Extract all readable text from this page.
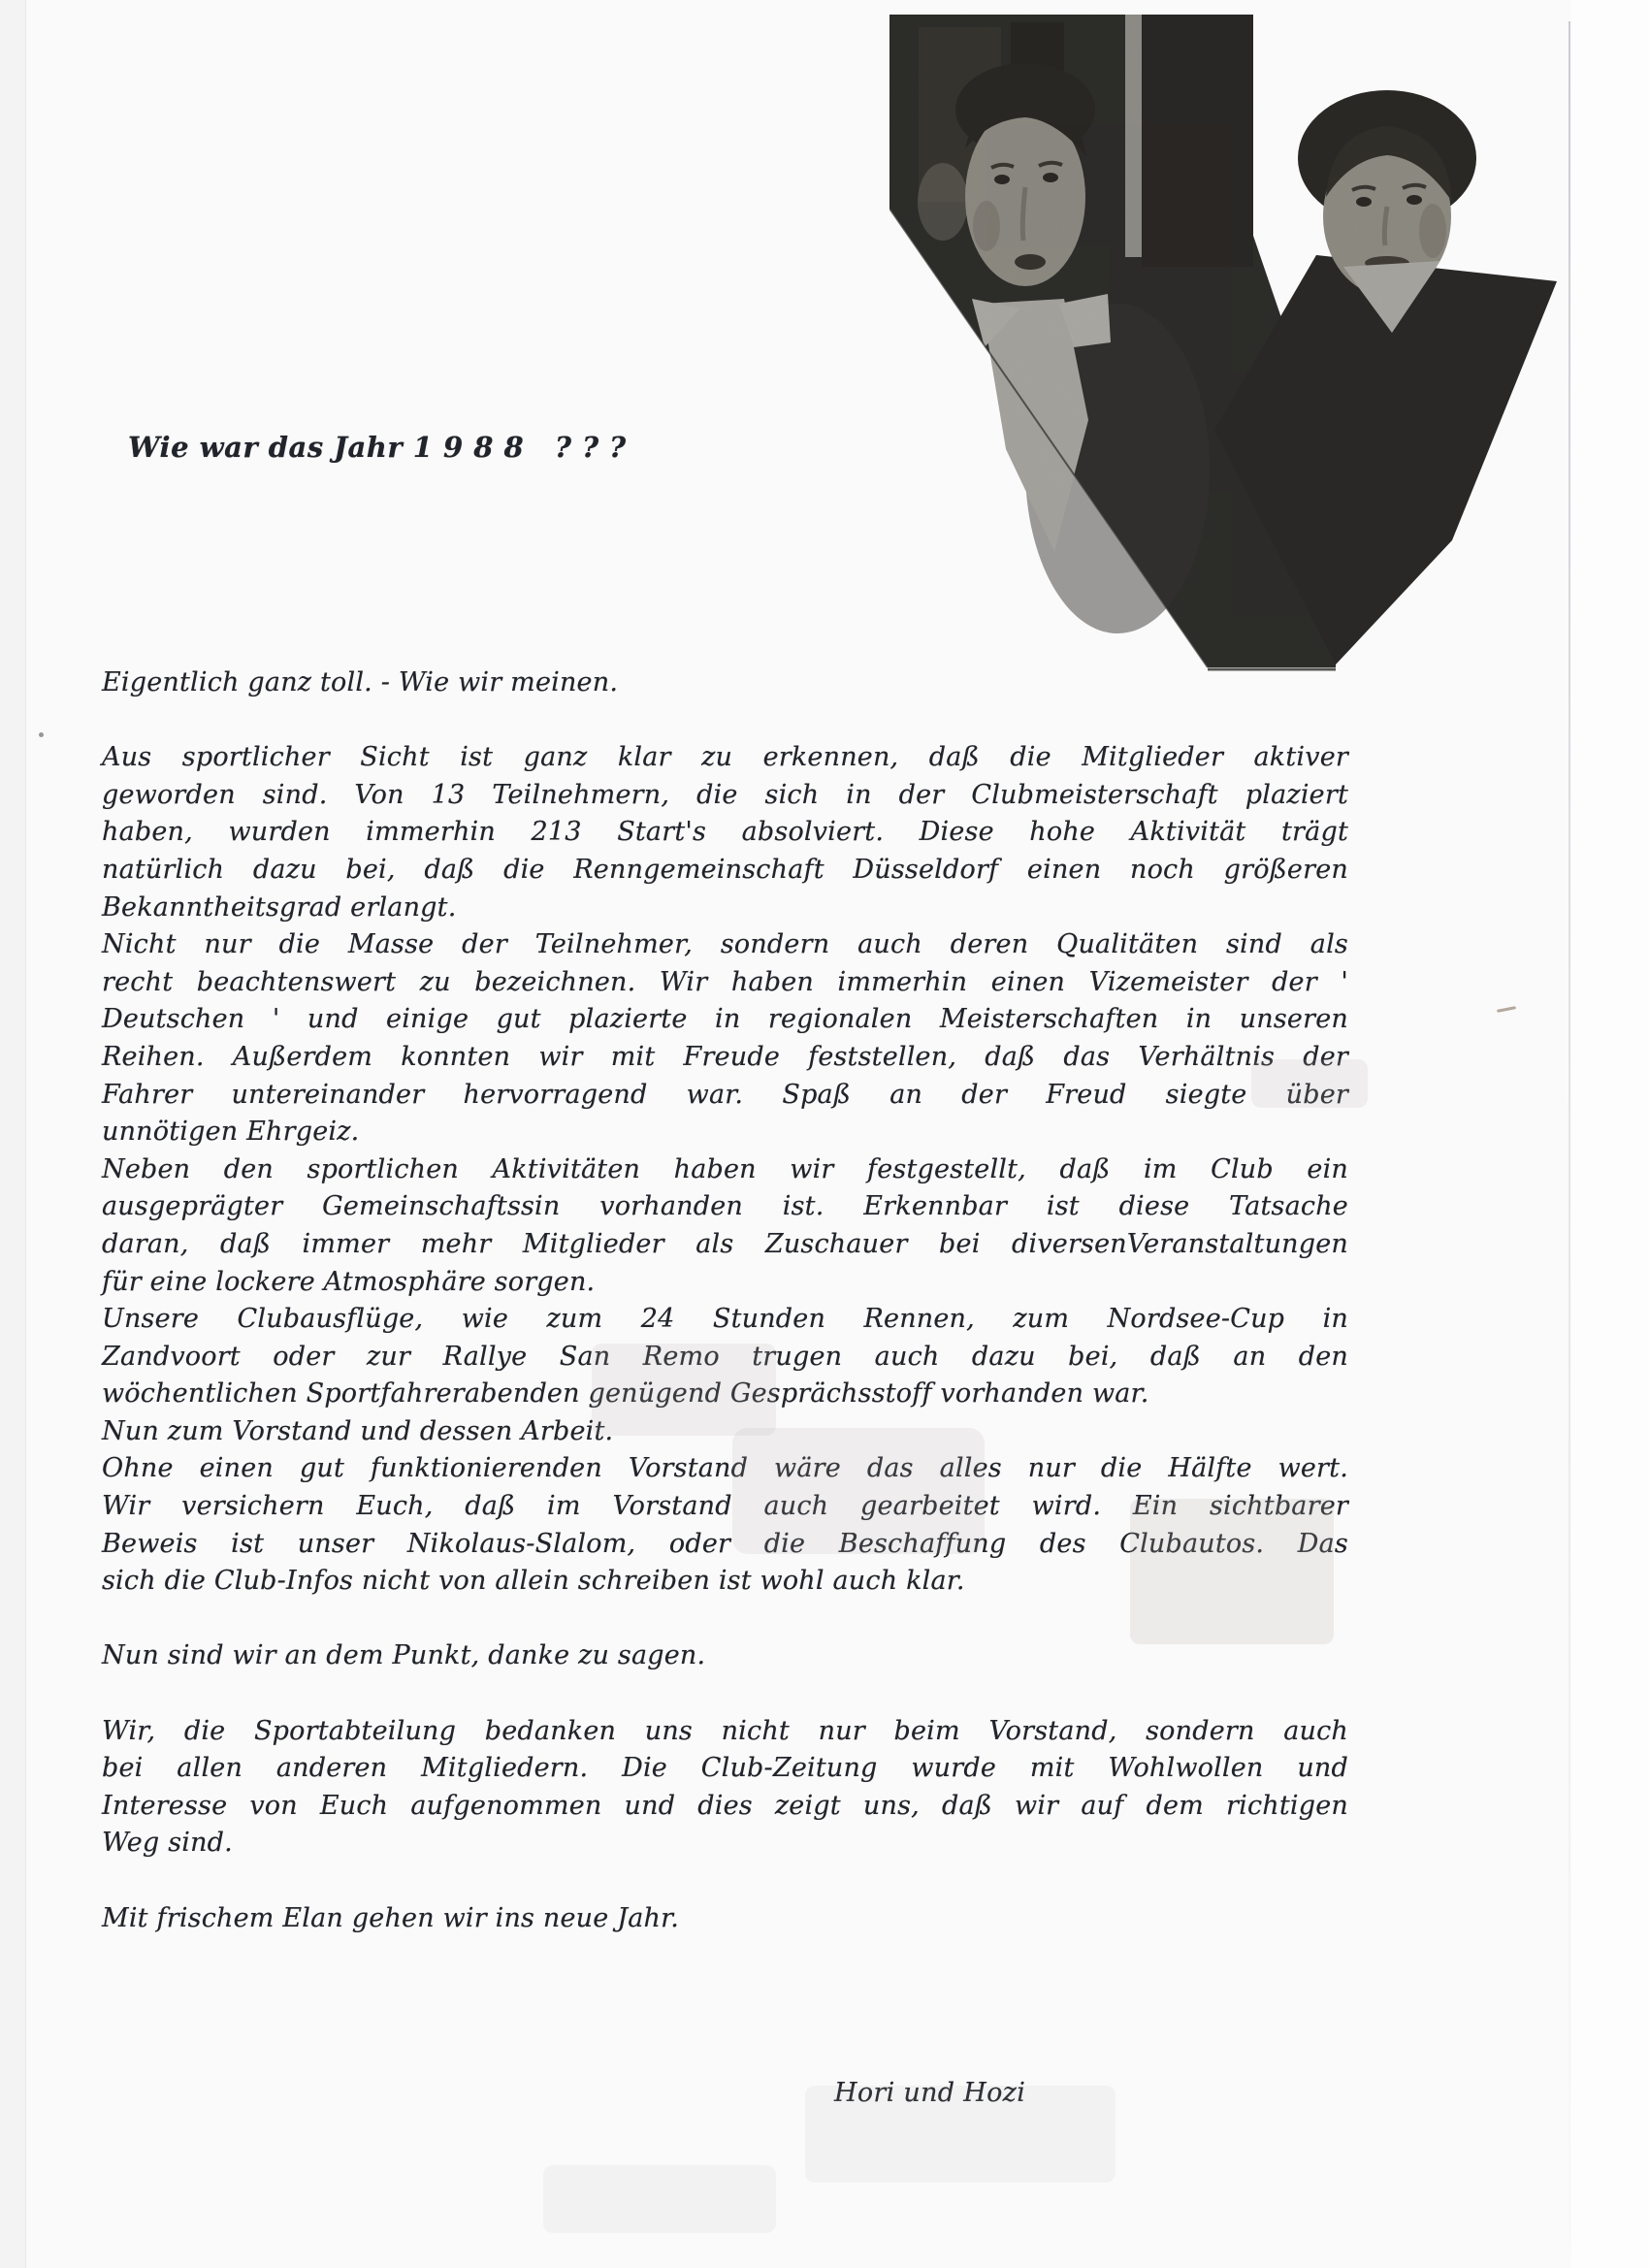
Wie war das Jahr 1 9 8 8   ? ? ?
Eigentlich ganz toll. - Wie wir meinen.
Aus sportlicher Sicht ist ganz klar zu erkennen, daß die Mitglieder aktiver
geworden sind. Von 13 Teilnehmern, die sich in der Clubmeisterschaft plaziert
haben, wurden immerhin 213 Start's absolviert. Diese hohe Aktivität trägt
natürlich dazu bei, daß die Renngemeinschaft Düsseldorf einen noch größeren
Bekanntheitsgrad erlangt.
Nicht nur die Masse der Teilnehmer, sondern auch deren Qualitäten sind als
recht beachtenswert zu bezeichnen. Wir haben immerhin einen Vizemeister der '
Deutschen ' und einige gut plazierte in regionalen Meisterschaften in unseren
Reihen. Außerdem konnten wir mit Freude feststellen, daß das Verhältnis der
Fahrer untereinander hervorragend war. Spaß an der Freud siegte über
unnötigen Ehrgeiz.
Neben den sportlichen Aktivitäten haben wir festgestellt, daß im Club ein
ausgeprägter Gemeinschaftssin vorhanden ist. Erkennbar ist diese Tatsache
daran, daß immer mehr Mitglieder als Zuschauer bei diversenVeranstaltungen
für eine lockere Atmosphäre sorgen.
Unsere Clubausflüge, wie zum 24 Stunden Rennen, zum Nordsee-Cup in
Zandvoort oder zur Rallye San Remo trugen auch dazu bei, daß an den
wöchentlichen Sportfahrerabenden genügend Gesprächsstoff vorhanden war.
Nun zum Vorstand und dessen Arbeit.
Ohne einen gut funktionierenden Vorstand wäre das alles nur die Hälfte wert.
Wir versichern Euch, daß im Vorstand auch gearbeitet wird. Ein sichtbarer
Beweis ist unser Nikolaus-Slalom, oder die Beschaffung des Clubautos. Das
sich die Club-Infos nicht von allein schreiben ist wohl auch klar.
Nun sind wir an dem Punkt, danke zu sagen.
Wir, die Sportabteilung bedanken uns nicht nur beim Vorstand, sondern auch
bei allen anderen Mitgliedern. Die Club-Zeitung wurde mit Wohlwollen und
Interesse von Euch aufgenommen und dies zeigt uns, daß wir auf dem richtigen
Weg sind.
Mit frischem Elan gehen wir ins neue Jahr.
Hori und Hozi
